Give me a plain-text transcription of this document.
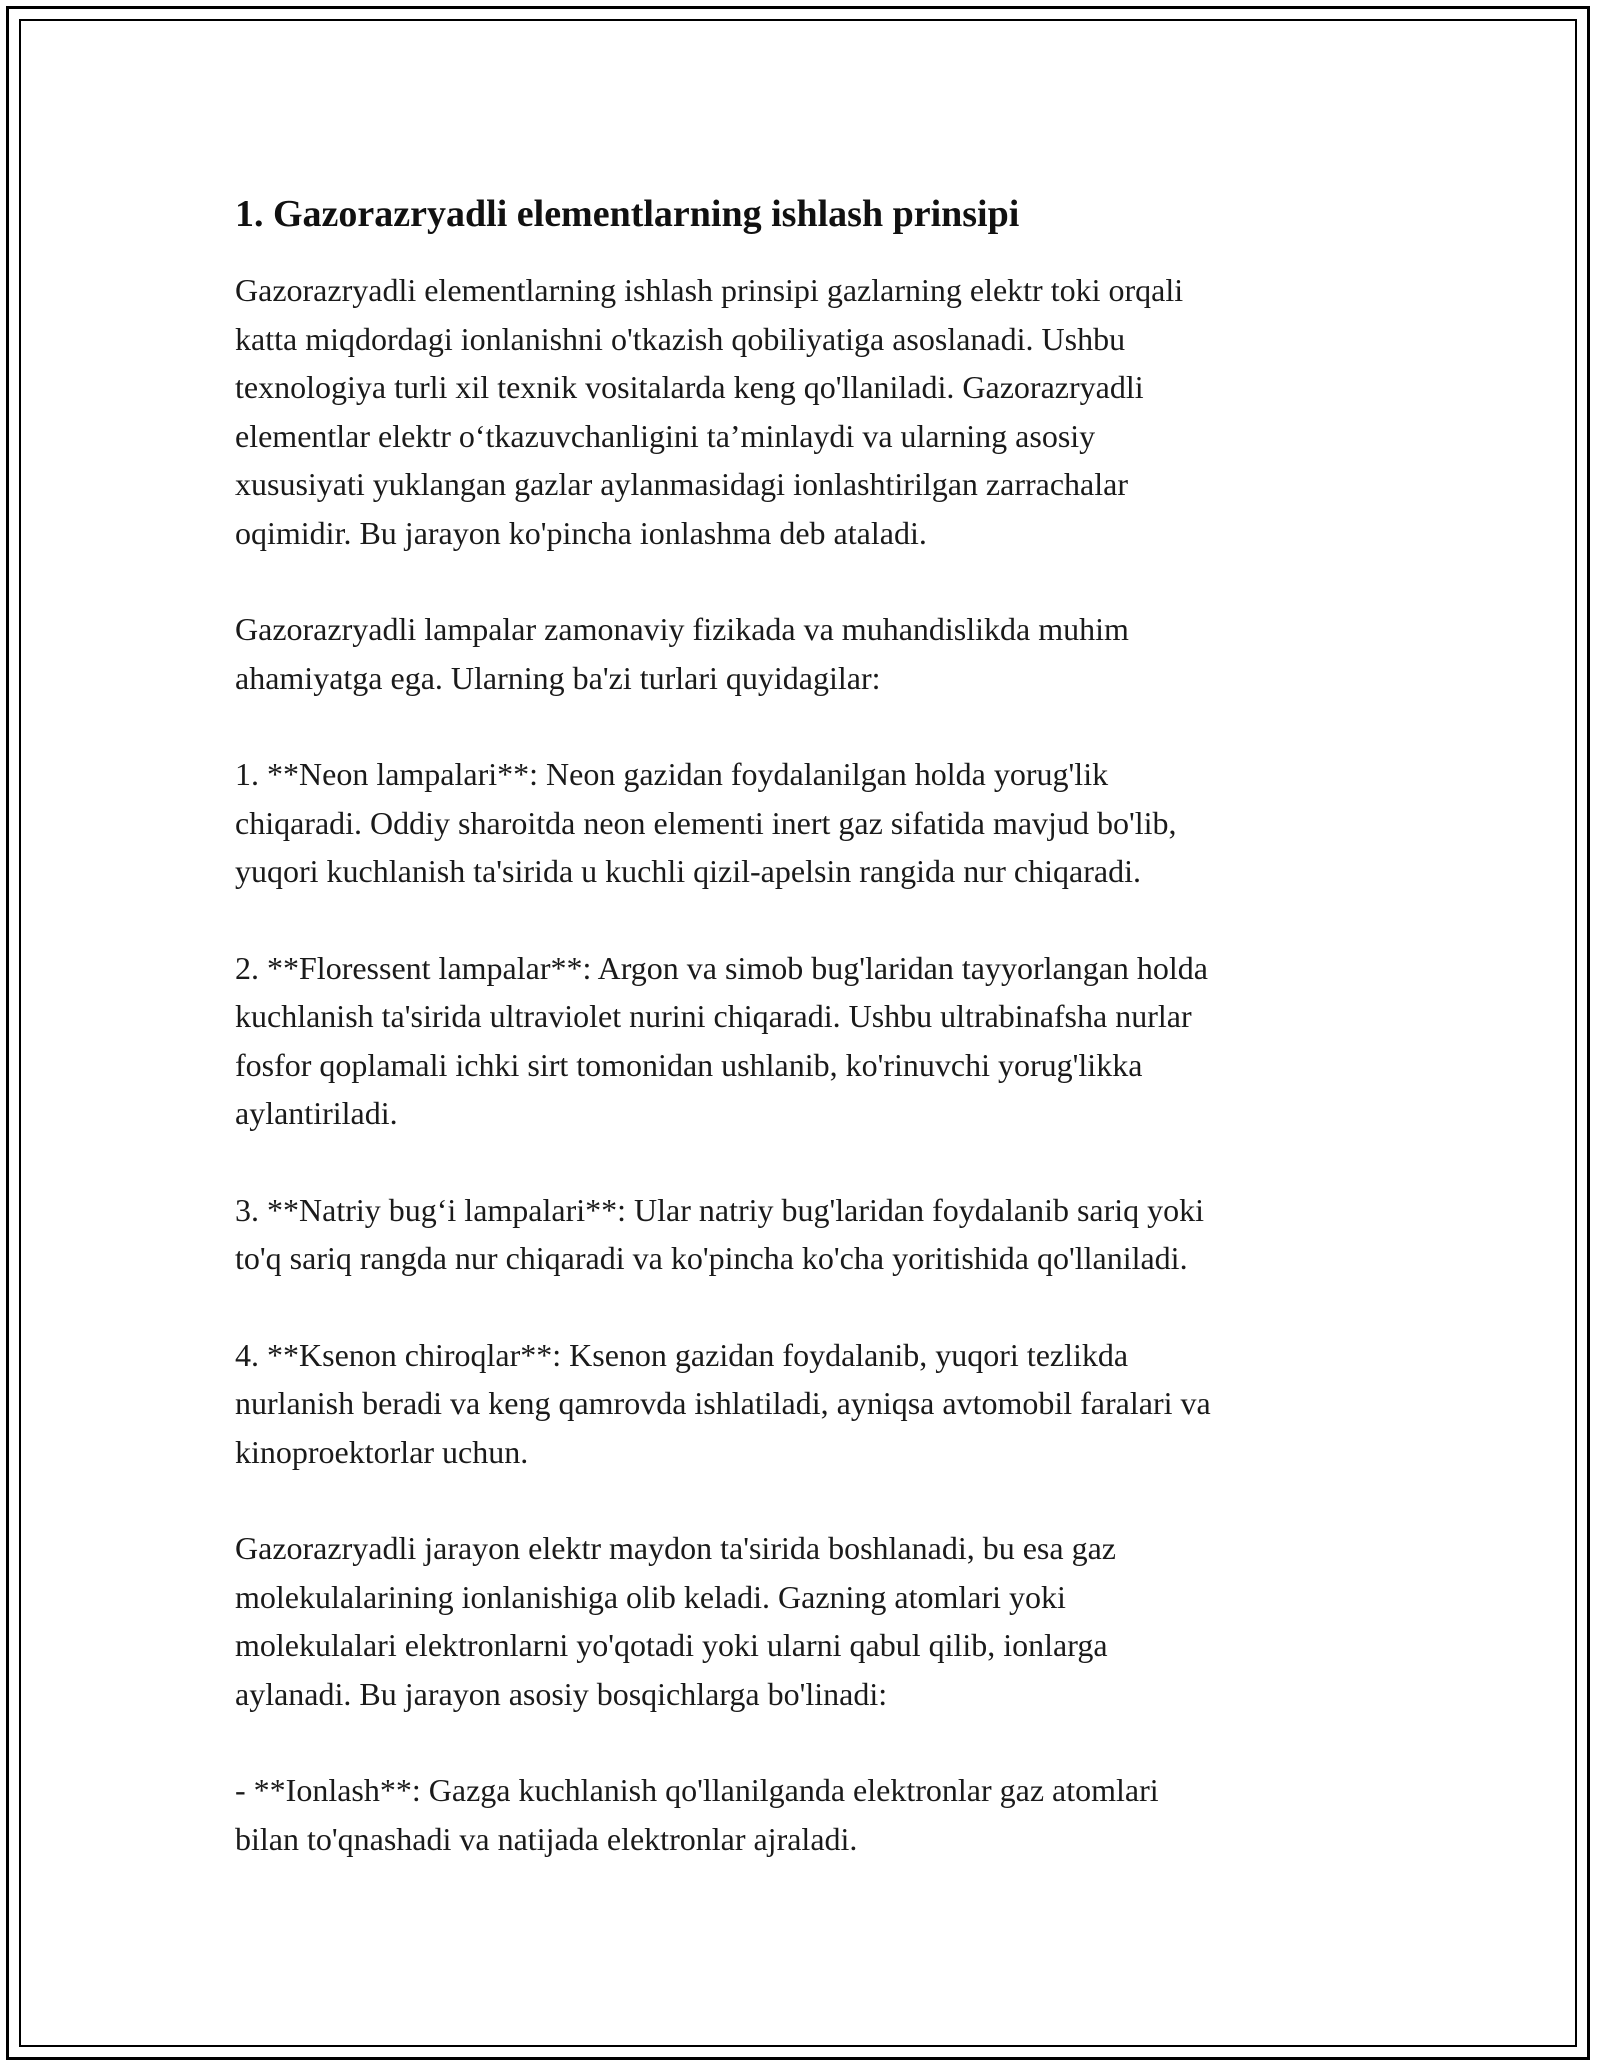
1. Gazorazryadli elementlarning ishlash prinsipi

Gazorazryadli elementlarning ishlash prinsipi gazlarning elektr toki orqali
katta miqdordagi ionlanishni o'tkazish qobiliyatiga asoslanadi. Ushbu
texnologiya turli xil texnik vositalarda keng qo'llaniladi. Gazorazryadli
elementlar elektr o‘tkazuvchanligini ta’minlaydi va ularning asosiy
xususiyati yuklangan gazlar aylanmasidagi ionlashtirilgan zarrachalar
oqimidir. Bu jarayon ko'pincha ionlashma deb ataladi.

Gazorazryadli lampalar zamonaviy fizikada va muhandislikda muhim
ahamiyatga ega. Ularning ba'zi turlari quyidagilar:

1. **Neon lampalari**: Neon gazidan foydalanilgan holda yorug'lik
chiqaradi. Oddiy sharoitda neon elementi inert gaz sifatida mavjud bo'lib,
yuqori kuchlanish ta'sirida u kuchli qizil-apelsin rangida nur chiqaradi.

2. **Floressent lampalar**: Argon va simob bug'laridan tayyorlangan holda
kuchlanish ta'sirida ultraviolet nurini chiqaradi. Ushbu ultrabinafsha nurlar
fosfor qoplamali ichki sirt tomonidan ushlanib, ko'rinuvchi yorug'likka
aylantiriladi.

3. **Natriy bug‘i lampalari**: Ular natriy bug'laridan foydalanib sariq yoki
to'q sariq rangda nur chiqaradi va ko'pincha ko'cha yoritishida qo'llaniladi.

4. **Ksenon chiroqlar**: Ksenon gazidan foydalanib, yuqori tezlikda
nurlanish beradi va keng qamrovda ishlatiladi, ayniqsa avtomobil faralari va
kinoproektorlar uchun.

Gazorazryadli jarayon elektr maydon ta'sirida boshlanadi, bu esa gaz
molekulalarining ionlanishiga olib keladi. Gazning atomlari yoki
molekulalari elektronlarni yo'qotadi yoki ularni qabul qilib, ionlarga
aylanadi. Bu jarayon asosiy bosqichlarga bo'linadi:

- **Ionlash**: Gazga kuchlanish qo'llanilganda elektronlar gaz atomlari
bilan to'qnashadi va natijada elektronlar ajraladi.
